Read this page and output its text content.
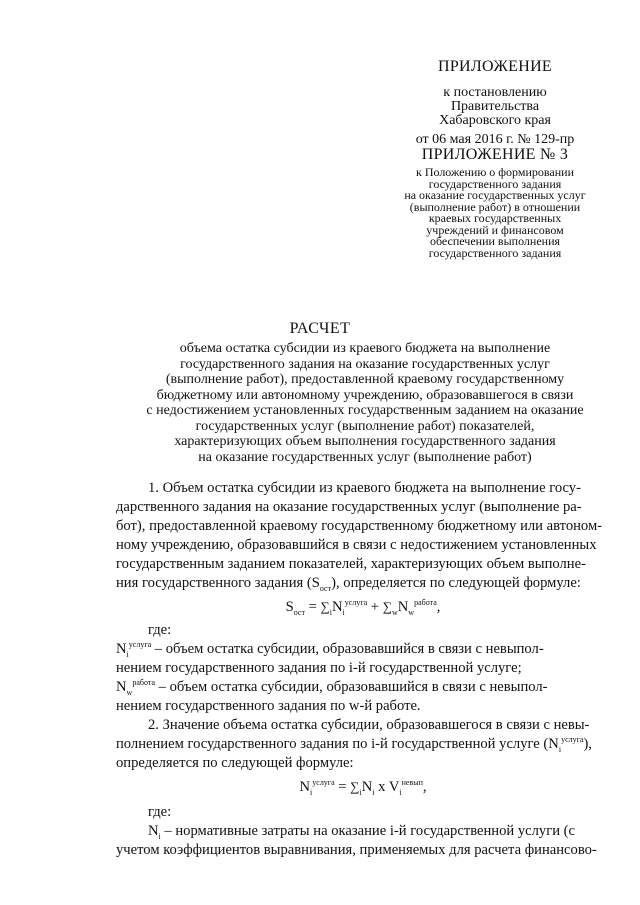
ПРИЛОЖЕНИЕ
к постановлению
Правительства
Хабаровского края
от 06 мая 2016 г. № 129-пр
ПРИЛОЖЕНИЕ № 3
к Положению о формировании
государственного задания
на оказание государственных услуг
(выполнение работ) в отношении
краевых государственных
учреждений и финансовом
обеспечении выполнения
государственного задания
РАСЧЕТ
объема остатка субсидии из краевого бюджета на выполнение
государственного задания на оказание государственных услуг
(выполнение работ), предоставленной краевому государственному
бюджетному или автономному учреждению, образовавшегося в связи
с недостижением установленных государственным заданием на оказание
государственных услуг (выполнение работ) показателей,
характеризующих объем выполнения государственного задания
на оказание государственных услуг (выполнение работ)
1. Объем остатка субсидии из краевого бюджета на выполнение госу-
дарственного задания на оказание государственных услуг (выполнение ра-
бот), предоставленной краевому государственному бюджетному или автоном-
ному учреждению, образовавшийся в связи с недостижением установленных
государственным заданием показателей, характеризующих объем выполне-
ния государственного задания $(S_{ост})$, определяется по следующей формуле:
$S_{ост} = \sum_iN_i^{услуга} + \sum_wN_w^{работа}$,
где:
$N_i^{услуга}$ – объем остатка субсидии, образовавшийся в связи с невыпол-
нением государственного задания по i-й государственной услуге;
$N_w^{работа}$ – объем остатка субсидии, образовавшийся в связи с невыпол-
нением государственного задания по w-й работе.
2. Значение объема остатка субсидии, образовавшегося в связи с невы-
полнением государственного задания по i-й государственной услуге $(N_i^{услуга})$,
определяется по следующей формуле:
$N_i^{услуга} = \sum_iN_i$ x $V_i^{невып}$,
где:
$N_i$ – нормативные затраты на оказание i-й государственной услуги (с
учетом коэффициентов выравнивания, применяемых для расчета финансово-
